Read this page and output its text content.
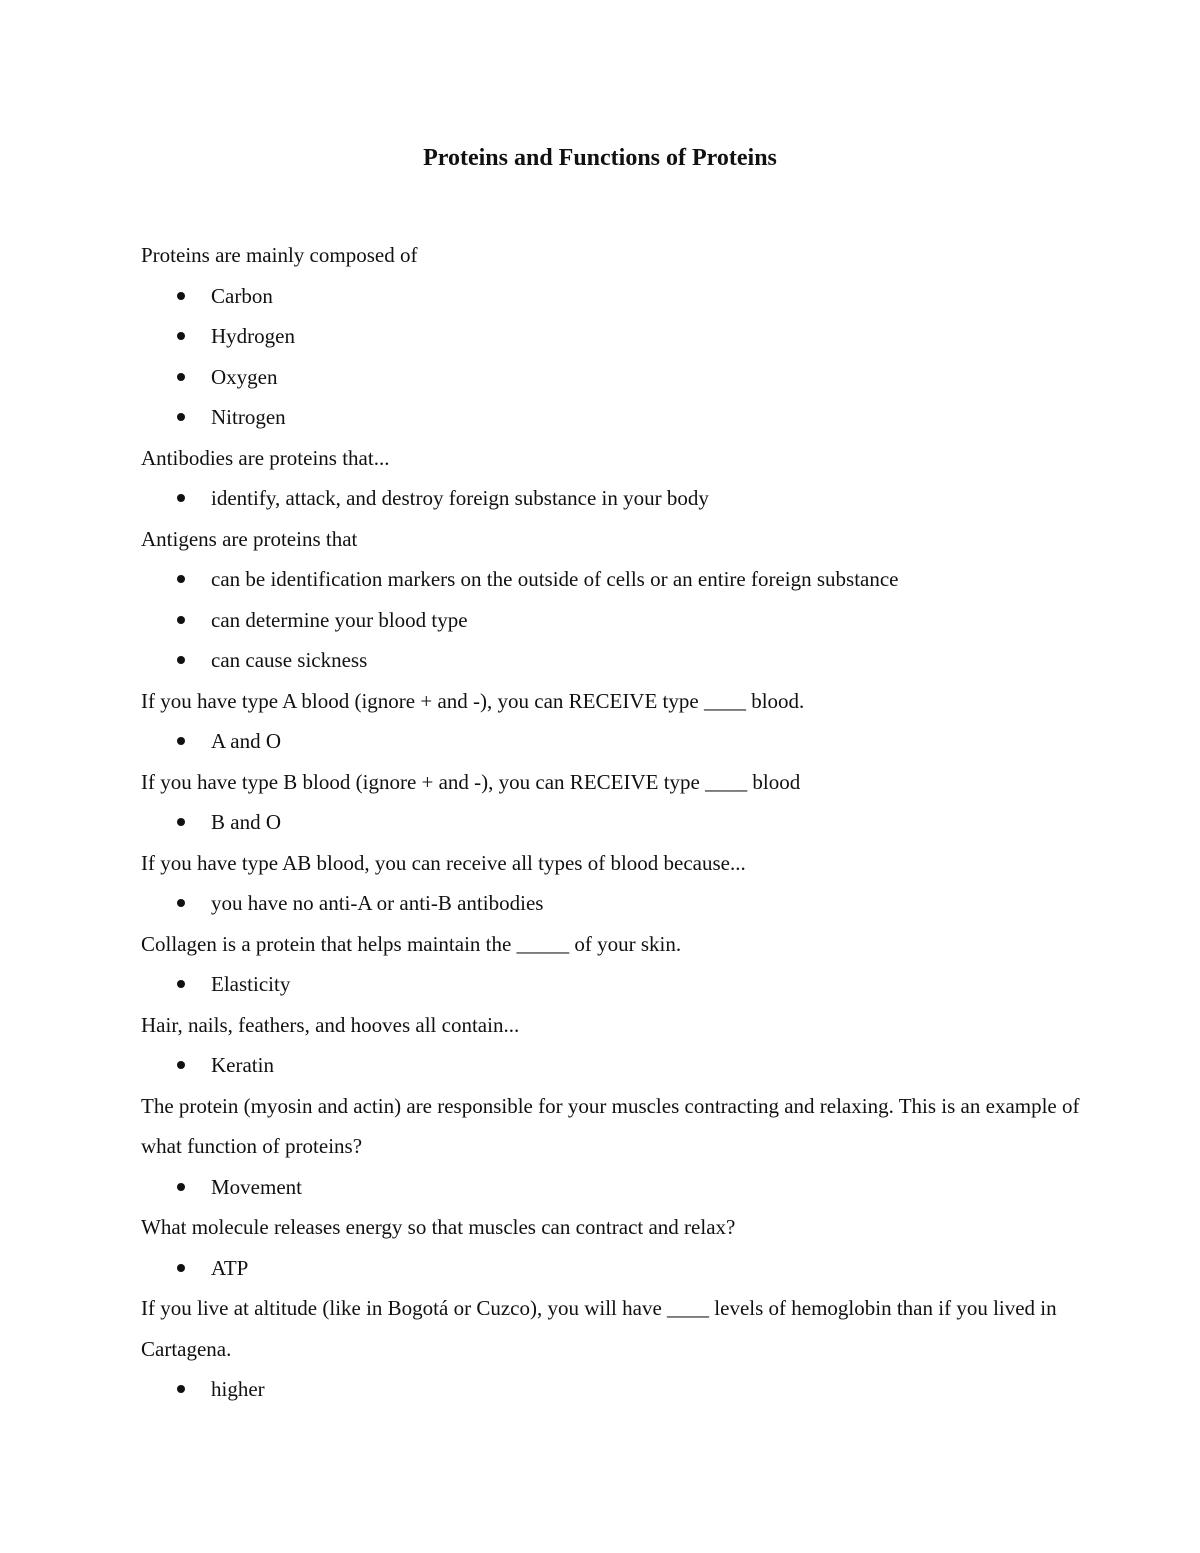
Proteins and Functions of Proteins

Proteins are mainly composed of

Carbon
Hydrogen
Oxygen
Nitrogen

Antibodies are proteins that...

identify, attack, and destroy foreign substance in your body

Antigens are proteins that

can be identification markers on the outside of cells or an entire foreign substance
can determine your blood type
can cause sickness

If you have type A blood (ignore + and -), you can RECEIVE type ____ blood.

A and O

If you have type B blood (ignore + and -), you can RECEIVE type ____ blood

B and O

If you have type AB blood, you can receive all types of blood because...

you have no anti-A or anti-B antibodies

Collagen is a protein that helps maintain the _____ of your skin.

Elasticity

Hair, nails, feathers, and hooves all contain...

Keratin

The protein (myosin and actin) are responsible for your muscles contracting and relaxing. This is an example of what function of proteins?

Movement

What molecule releases energy so that muscles can contract and relax?

ATP

If you live at altitude (like in Bogotá or Cuzco), you will have ____ levels of hemoglobin than if you lived in Cartagena.

higher
